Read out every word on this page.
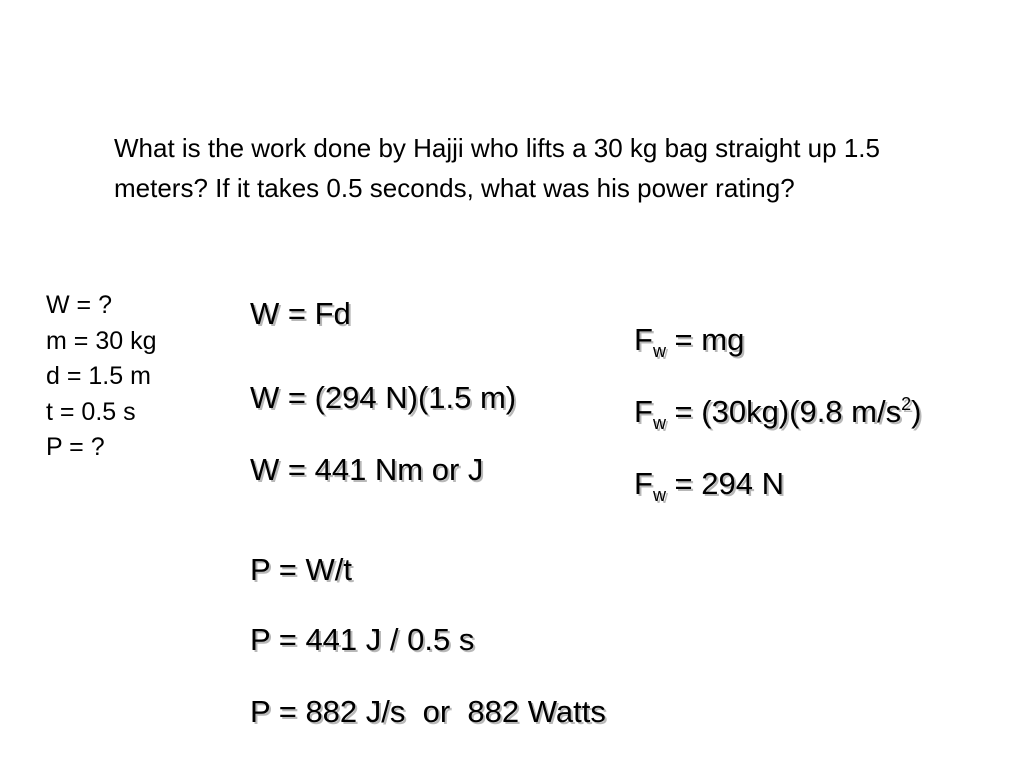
What is the work done by Hajji who lifts a 30 kg bag straight up 1.5 meters? If it takes 0.5 seconds, what was his power rating?

W = ?
m = 30 kg
d = 1.5 m
t = 0.5 s
P = ?
W = Fd
W = (294 N)(1.5 m)
W = 441 Nm or J
$F_w$ = mg
$F_w = (30kg)(9.8$ $m/s^2$)
$F_w = 294$ N
P = W/t
P = 441 J / 0.5 s
P = 882 J/s  or  882 Watts
